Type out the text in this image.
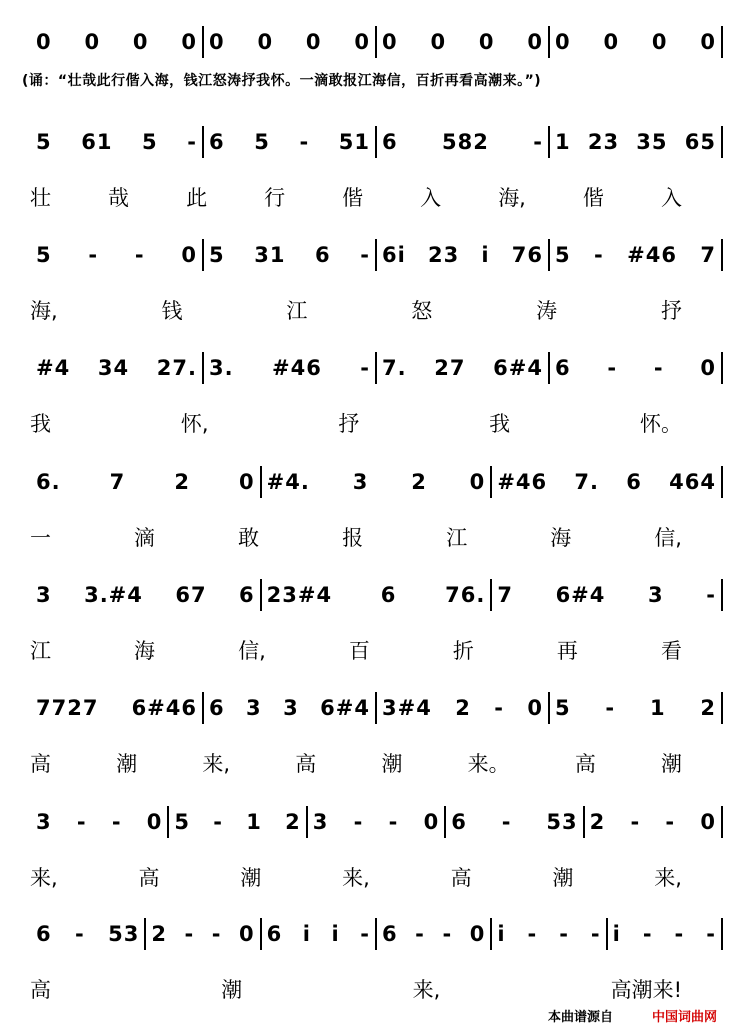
(诵：“壮哉此行偕入海，钱江怒涛抒我怀。一滴敢报江海信，百折再看高潮来。”)
0 0 0 0 0 0 0 0 0 0 0 0 0 0 0 0
5 61 5 - 6 5 - 51 6 582 - 1 23 35 65
壮	哉	此	行	偕	入	海,	偕	入
5 - - 0 5 31 6 - 6i 23 i 76 5 - #46 7
海,	钱	江	怒	涛	抒
#4 34 27. 3. #46 - 7. 27 6#4 6 - - 0
我	怀,	抒	我	怀。
6. 7 2 0 #4. 3 2 0 #46 7. 6 464
一	滴	敢	报	江	海	信,
3 3.#4 67 6 23#4 6 76. 7 6#4 3 -
江	海	信,	百	折	再	看
7727 6#46 6 3 3 6#4 3#4 2 - 0 5 - 1 2
高	潮	来,	高	潮	来。	高	潮
3 - - 0 5 - 1 2 3 - - 0 6 - 53 2 - - 0
来,	高	潮	来,	高	潮	来,
6 - 53 2 - - 0 6 i i - 6 - - 0 i - - - i - - -
高	潮	来,	高潮来!
本曲谱源自	中国词曲网
